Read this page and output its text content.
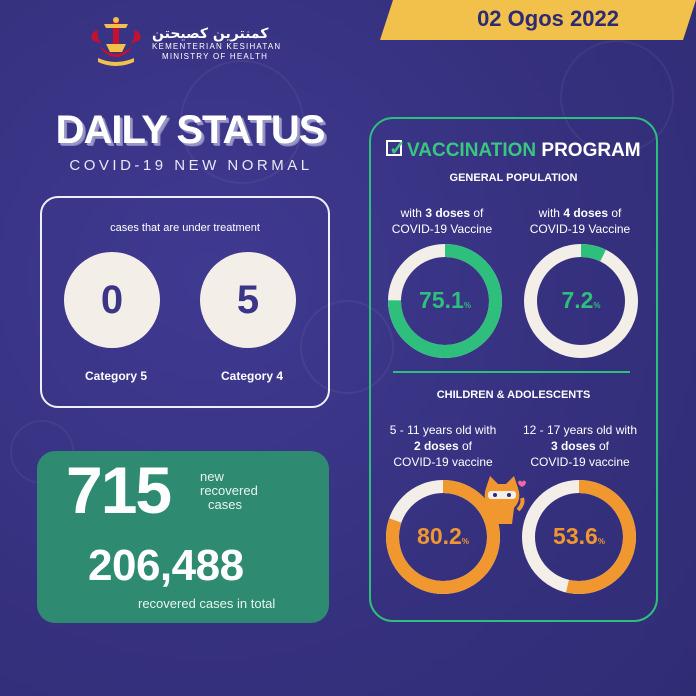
02 Ogos 2022
كمنترين كصيحتن
KEMENTERIAN KESIHATAN
MINISTRY OF HEALTH
DAILY STATUS
COVID-19 NEW NORMAL
cases that are under treatment
0	5
Category 5	Category 4
715 new
recovered
cases
206,488
recovered cases in total
✓ VACCINATION PROGRAM
GENERAL POPULATION
CHILDREN & ADOLESCENTS
with 3 doses of
COVID-19 Vaccine
with 4 doses of
COVID-19 Vaccine
5 - 11 years old with
2 doses of
COVID-19 vaccine
12 - 17 years old with
3 doses of
COVID-19 vaccine
75.1%	7.2%
80.2%	53.6%
